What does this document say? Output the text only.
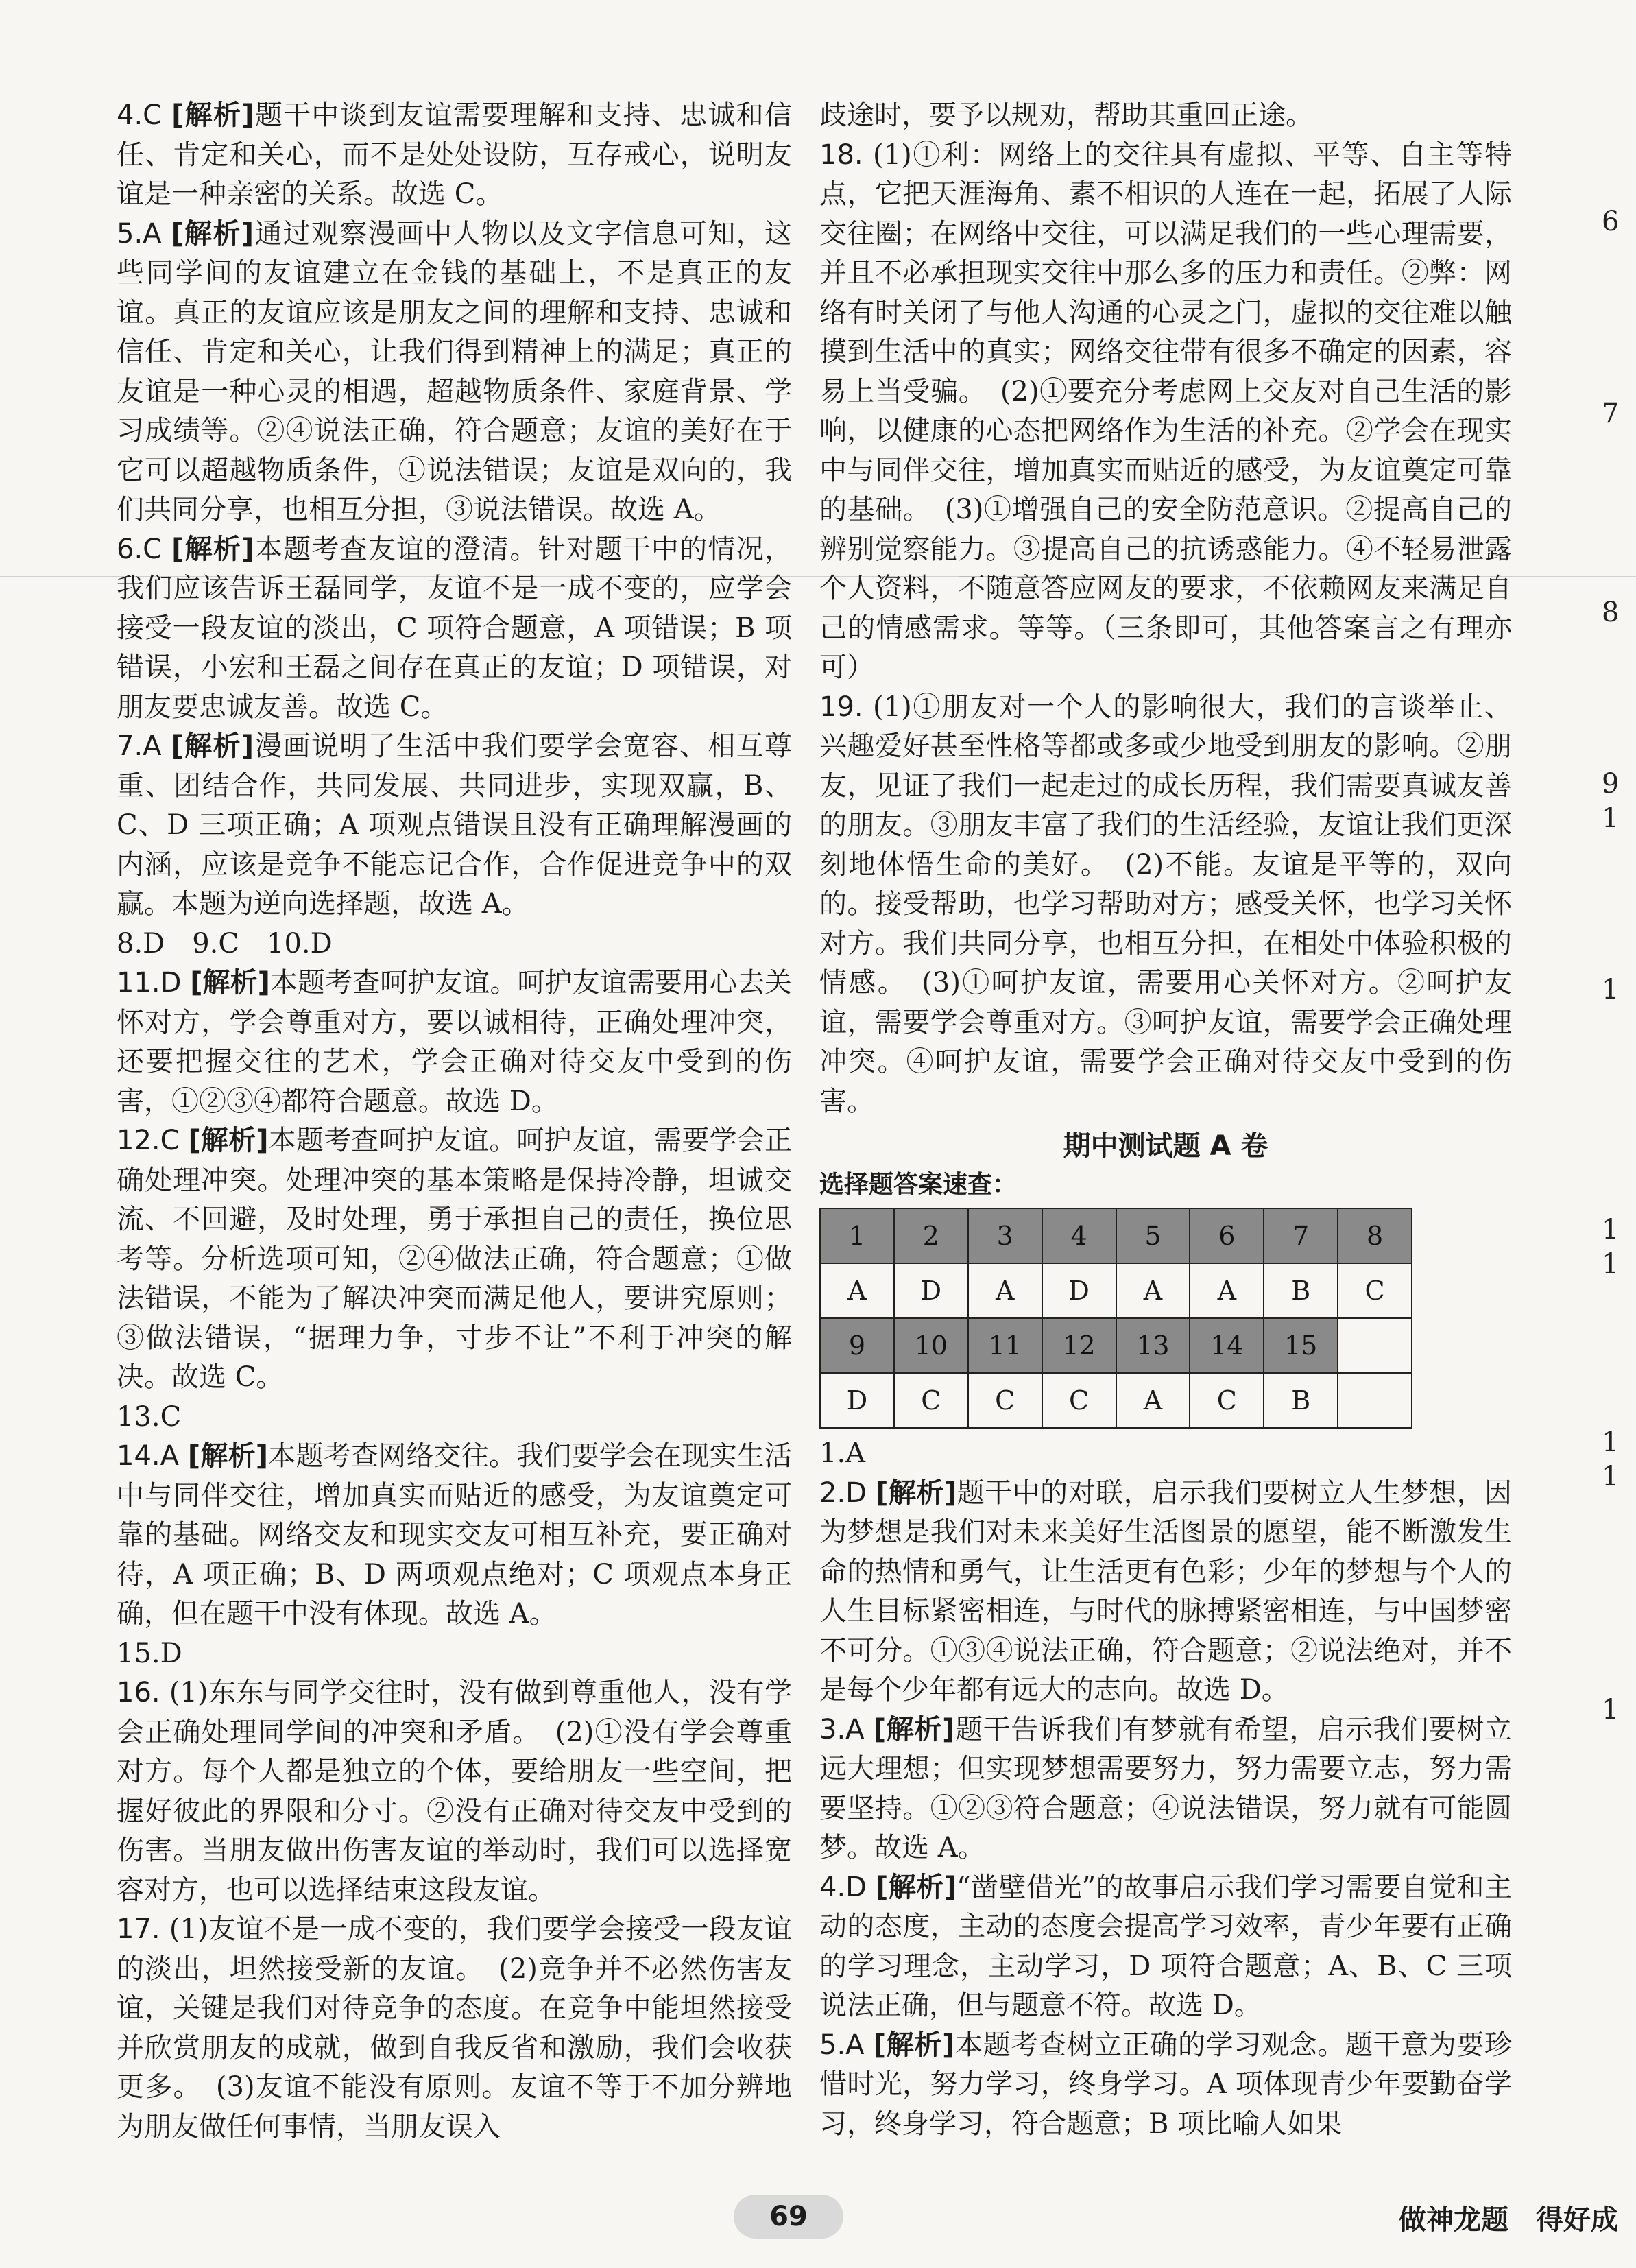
4.C [解析]题干中谈到友谊需要理解和支持、忠诚和信任、肯定和关心，而不是处处设防，互存戒心，说明友谊是一种亲密的关系。故选 C。

5.A [解析]通过观察漫画中人物以及文字信息可知，这些同学间的友谊建立在金钱的基础上，不是真正的友谊。真正的友谊应该是朋友之间的理解和支持、忠诚和信任、肯定和关心，让我们得到精神上的满足；真正的友谊是一种心灵的相遇，超越物质条件、家庭背景、学习成绩等。②④说法正确，符合题意；友谊的美好在于它可以超越物质条件，①说法错误；友谊是双向的，我们共同分享，也相互分担，③说法错误。故选 A。

6.C [解析]本题考查友谊的澄清。针对题干中的情况，我们应该告诉王磊同学，友谊不是一成不变的，应学会接受一段友谊的淡出，C 项符合题意，A 项错误；B 项错误，小宏和王磊之间存在真正的友谊；D 项错误，对朋友要忠诚友善。故选 C。

7.A [解析]漫画说明了生活中我们要学会宽容、相互尊重、团结合作，共同发展、共同进步，实现双赢，B、C、D 三项正确；A 项观点错误且没有正确理解漫画的内涵，应该是竞争不能忘记合作，合作促进竞争中的双赢。本题为逆向选择题，故选 A。

8.D　9.C　10.D

11.D [解析]本题考查呵护友谊。呵护友谊需要用心去关怀对方，学会尊重对方，要以诚相待，正确处理冲突，还要把握交往的艺术，学会正确对待交友中受到的伤害，①②③④都符合题意。故选 D。

12.C [解析]本题考查呵护友谊。呵护友谊，需要学会正确处理冲突。处理冲突的基本策略是保持冷静，坦诚交流、不回避，及时处理，勇于承担自己的责任，换位思考等。分析选项可知，②④做法正确，符合题意；①做法错误，不能为了解决冲突而满足他人，要讲究原则；③做法错误，“据理力争，寸步不让”不利于冲突的解决。故选 C。

13.C

14.A [解析]本题考查网络交往。我们要学会在现实生活中与同伴交往，增加真实而贴近的感受，为友谊奠定可靠的基础。网络交友和现实交友可相互补充，要正确对待，A 项正确；B、D 两项观点绝对；C 项观点本身正确，但在题干中没有体现。故选 A。

15.D

16. (1)东东与同学交往时，没有做到尊重他人，没有学会正确处理同学间的冲突和矛盾。　(2)①没有学会尊重对方。每个人都是独立的个体，要给朋友一些空间，把握好彼此的界限和分寸。②没有正确对待交友中受到的伤害。当朋友做出伤害友谊的举动时，我们可以选择宽容对方，也可以选择结束这段友谊。

17. (1)友谊不是一成不变的，我们要学会接受一段友谊的淡出，坦然接受新的友谊。　(2)竞争并不必然伤害友谊，关键是我们对待竞争的态度。在竞争中能坦然接受并欣赏朋友的成就，做到自我反省和激励，我们会收获更多。　(3)友谊不能没有原则。友谊不等于不加分辨地为朋友做任何事情，当朋友误入

歧途时，要予以规劝，帮助其重回正途。

18. (1)①利：网络上的交往具有虚拟、平等、自主等特点，它把天涯海角、素不相识的人连在一起，拓展了人际交往圈；在网络中交往，可以满足我们的一些心理需要，并且不必承担现实交往中那么多的压力和责任。②弊：网络有时关闭了与他人沟通的心灵之门，虚拟的交往难以触摸到生活中的真实；网络交往带有很多不确定的因素，容易上当受骗。　(2)①要充分考虑网上交友对自己生活的影响，以健康的心态把网络作为生活的补充。②学会在现实中与同伴交往，增加真实而贴近的感受，为友谊奠定可靠的基础。　(3)①增强自己的安全防范意识。②提高自己的辨别觉察能力。③提高自己的抗诱惑能力。④不轻易泄露个人资料，不随意答应网友的要求，不依赖网友来满足自己的情感需求。等等。（三条即可，其他答案言之有理亦可）

19. (1)①朋友对一个人的影响很大，我们的言谈举止、兴趣爱好甚至性格等都或多或少地受到朋友的影响。②朋友，见证了我们一起走过的成长历程，我们需要真诚友善的朋友。③朋友丰富了我们的生活经验，友谊让我们更深刻地体悟生命的美好。　(2)不能。友谊是平等的，双向的。接受帮助，也学习帮助对方；感受关怀，也学习关怀对方。我们共同分享，也相互分担，在相处中体验积极的情感。　(3)①呵护友谊，需要用心关怀对方。②呵护友谊，需要学会尊重对方。③呵护友谊，需要学会正确处理冲突。④呵护友谊，需要学会正确对待交友中受到的伤害。

期中测试题 A 卷
选择题答案速查：
1	2	3	4	5	6	7	8
A	D	A	D	A	A	B	C
9	10	11	12	13	14	15	
D	C	C	C	A	C	B	

1.A

2.D [解析]题干中的对联，启示我们要树立人生梦想，因为梦想是我们对未来美好生活图景的愿望，能不断激发生命的热情和勇气，让生活更有色彩；少年的梦想与个人的人生目标紧密相连，与时代的脉搏紧密相连，与中国梦密不可分。①③④说法正确，符合题意；②说法绝对，并不是每个少年都有远大的志向。故选 D。

3.A [解析]题干告诉我们有梦就有希望，启示我们要树立远大理想；但实现梦想需要努力，努力需要立志，努力需要坚持。①②③符合题意；④说法错误，努力就有可能圆梦。故选 A。

4.D [解析]“凿壁借光”的故事启示我们学习需要自觉和主动的态度，主动的态度会提高学习效率，青少年要有正确的学习理念，主动学习，D 项符合题意；A、B、C 三项说法正确，但与题意不符。故选 D。

5.A [解析]本题考查树立正确的学习观念。题干意为要珍惜时光，努力学习，终身学习。A 项体现青少年要勤奋学习，终身学习，符合题意；B 项比喻人如果

6
7
8
9
1
1
1
1
1
1
1
69	做神龙题　得好成
